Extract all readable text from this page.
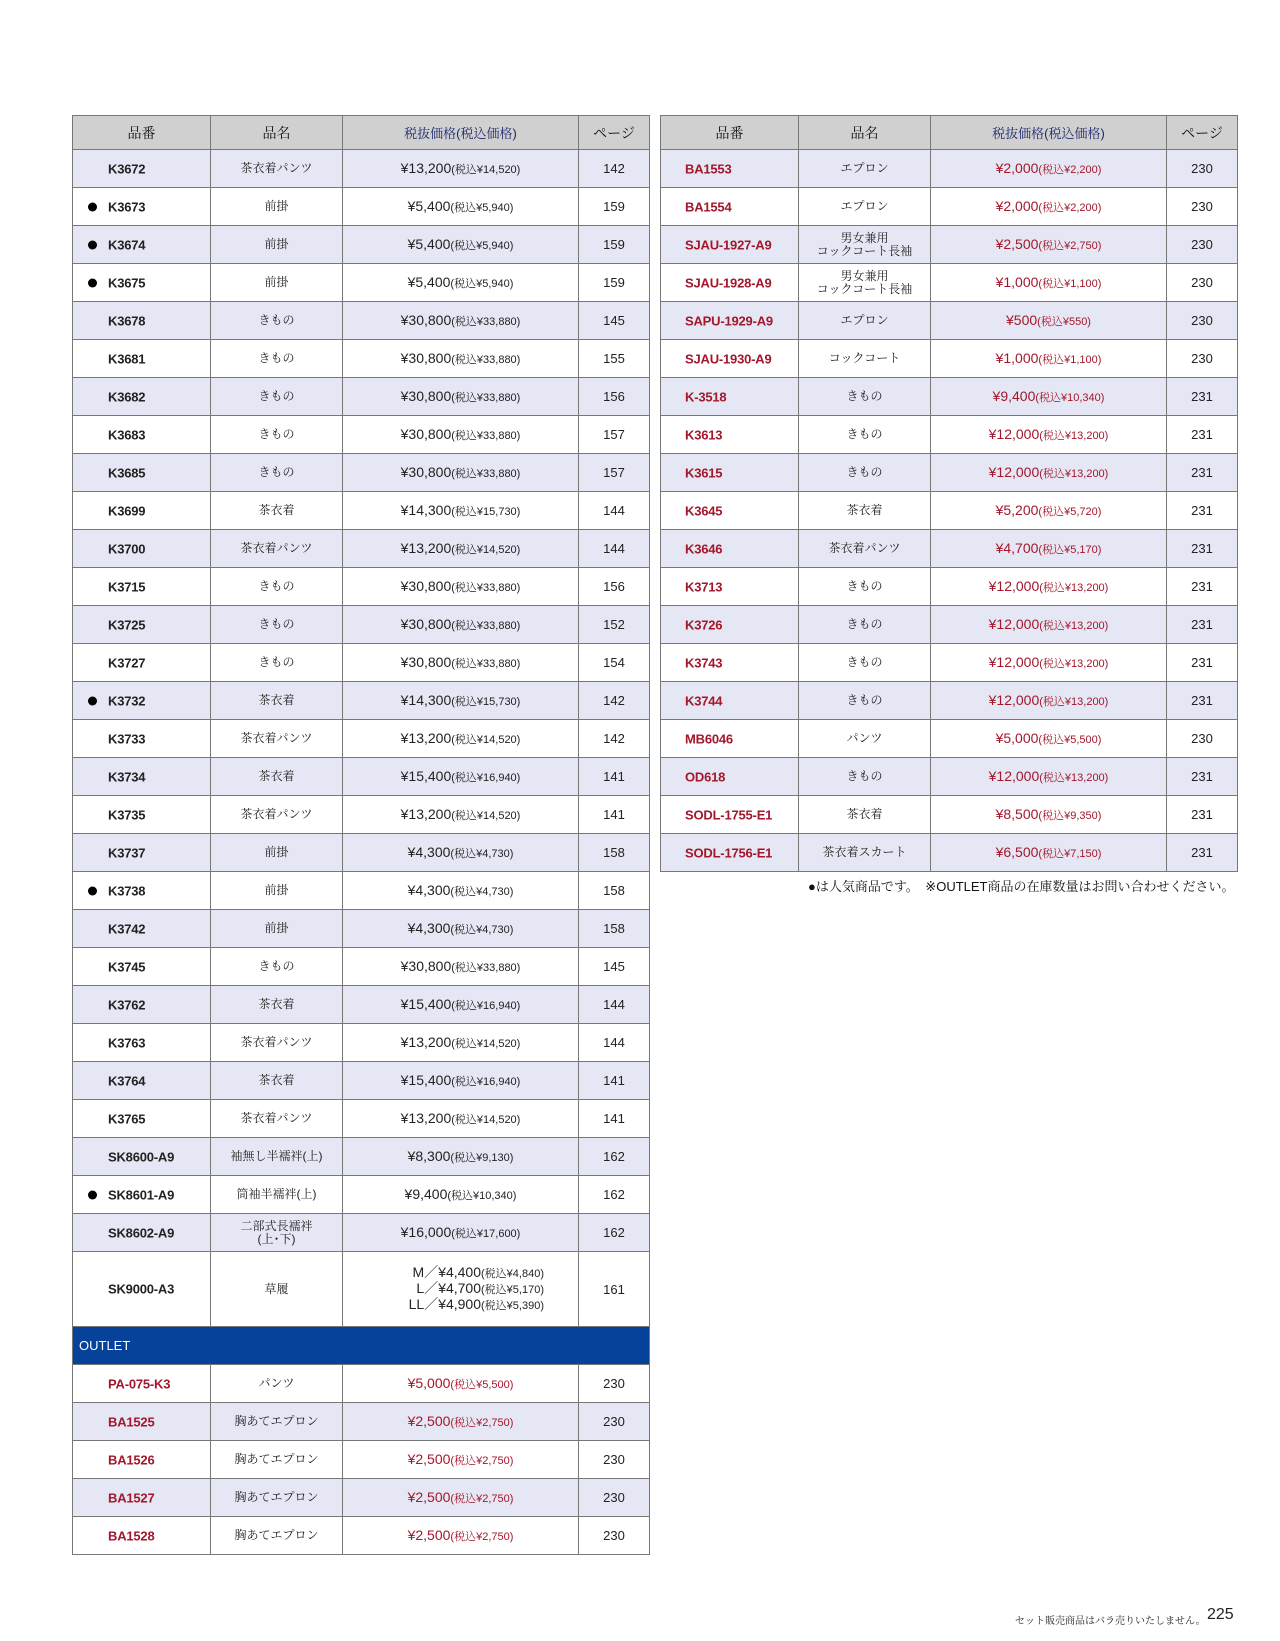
品番	品名	税抜価格(税込価格)	ページ

K3672	茶衣着パンツ	¥13,200(税込¥14,520)	142

K3673	前掛	¥5,400(税込¥5,940)	159

K3674	前掛	¥5,400(税込¥5,940)	159

K3675	前掛	¥5,400(税込¥5,940)	159

K3678	きもの	¥30,800(税込¥33,880)	145

K3681	きもの	¥30,800(税込¥33,880)	155

K3682	きもの	¥30,800(税込¥33,880)	156

K3683	きもの	¥30,800(税込¥33,880)	157

K3685	きもの	¥30,800(税込¥33,880)	157

K3699	茶衣着	¥14,300(税込¥15,730)	144

K3700	茶衣着パンツ	¥13,200(税込¥14,520)	144

K3715	きもの	¥30,800(税込¥33,880)	156

K3725	きもの	¥30,800(税込¥33,880)	152

K3727	きもの	¥30,800(税込¥33,880)	154

K3732	茶衣着	¥14,300(税込¥15,730)	142

K3733	茶衣着パンツ	¥13,200(税込¥14,520)	142

K3734	茶衣着	¥15,400(税込¥16,940)	141

K3735	茶衣着パンツ	¥13,200(税込¥14,520)	141

K3737	前掛	¥4,300(税込¥4,730)	158

K3738	前掛	¥4,300(税込¥4,730)	158

K3742	前掛	¥4,300(税込¥4,730)	158

K3745	きもの	¥30,800(税込¥33,880)	145

K3762	茶衣着	¥15,400(税込¥16,940)	144

K3763	茶衣着パンツ	¥13,200(税込¥14,520)	144

K3764	茶衣着	¥15,400(税込¥16,940)	141

K3765	茶衣着パンツ	¥13,200(税込¥14,520)	141

SK8600-A9	袖無し半襦袢(上)	¥8,300(税込¥9,130)	162

SK8601-A9	筒袖半襦袢(上)	¥9,400(税込¥10,340)	162

SK8602-A9	二部式長襦袢
(上･下)	¥16,000(税込¥17,600)	162

SK9000-A3	草履	M／¥4,400(税込¥4,840)
L／¥4,700(税込¥5,170)
LL／¥4,900(税込¥5,390)	161
OUTLET			

PA-075-K3	パンツ	¥5,000(税込¥5,500)	230

BA1525	胸あてエプロン	¥2,500(税込¥2,750)	230

BA1526	胸あてエプロン	¥2,500(税込¥2,750)	230

BA1527	胸あてエプロン	¥2,500(税込¥2,750)	230

BA1528	胸あてエプロン	¥2,500(税込¥2,750)	230
品番	品名	税抜価格(税込価格)	ページ

BA1553	エプロン	¥2,000(税込¥2,200)	230

BA1554	エプロン	¥2,000(税込¥2,200)	230

SJAU-1927-A9	男女兼用
コックコート長袖	¥2,500(税込¥2,750)	230

SJAU-1928-A9	男女兼用
コックコート長袖	¥1,000(税込¥1,100)	230

SAPU-1929-A9	エプロン	¥500(税込¥550)	230

SJAU-1930-A9	コックコート	¥1,000(税込¥1,100)	230

K-3518	きもの	¥9,400(税込¥10,340)	231

K3613	きもの	¥12,000(税込¥13,200)	231

K3615	きもの	¥12,000(税込¥13,200)	231

K3645	茶衣着	¥5,200(税込¥5,720)	231

K3646	茶衣着パンツ	¥4,700(税込¥5,170)	231

K3713	きもの	¥12,000(税込¥13,200)	231

K3726	きもの	¥12,000(税込¥13,200)	231

K3743	きもの	¥12,000(税込¥13,200)	231

K3744	きもの	¥12,000(税込¥13,200)	231

MB6046	パンツ	¥5,000(税込¥5,500)	230

OD618	きもの	¥12,000(税込¥13,200)	231

SODL-1755-E1	茶衣着	¥8,500(税込¥9,350)	231

SODL-1756-E1	茶衣着スカート	¥6,500(税込¥7,150)	231
●は人気商品です。　※OUTLET商品の在庫数量はお問い合わせください。
セット販売商品はバラ売りいたしません。 225
